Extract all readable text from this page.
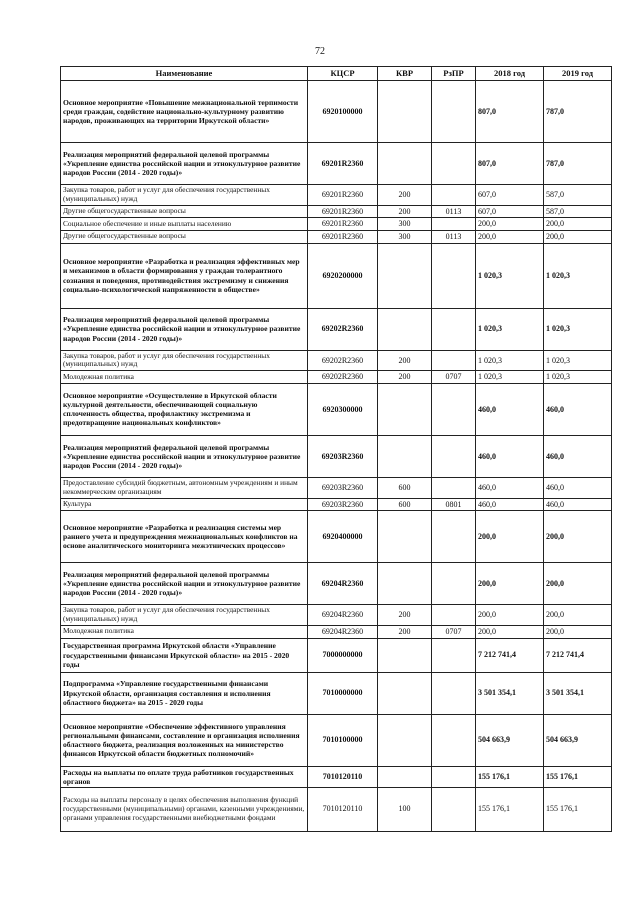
72
Наименование	КЦСР	КВР	РзПР	2018 год	2019 год
Основное мероприятие «Повышение межнациональной терпимости среди граждан, содействие национально-культурному развитию народов, проживающих на территории Иркутской области»	6920100000			807,0	787,0
Реализация мероприятий федеральной целевой программы «Укрепление единства российской нации и этнокультурное развитие народов России (2014 - 2020 годы)»	69201R2360			807,0	787,0
Закупка товаров, работ и услуг для обеспечения государственных (муниципальных) нужд	69201R2360	200		607,0	587,0
Другие общегосударственные вопросы	69201R2360	200	0113	607,0	587,0
Социальное обеспечение и иные выплаты населению	69201R2360	300		200,0	200,0
Другие общегосударственные вопросы	69201R2360	300	0113	200,0	200,0
Основное мероприятие «Разработка и реализация эффективных мер и механизмов в области формирования у граждан толерантного сознания и поведения, противодействия экстремизму и снижения социально-психологической напряженности в обществе»	6920200000			1 020,3	1 020,3
Реализация мероприятий федеральной целевой программы «Укрепление единства российской нации и этнокультурное развитие народов России (2014 - 2020 годы)»	69202R2360			1 020,3	1 020,3
Закупка товаров, работ и услуг для обеспечения государственных (муниципальных) нужд	69202R2360	200		1 020,3	1 020,3
Молодежная политика	69202R2360	200	0707	1 020,3	1 020,3
Основное мероприятие «Осуществление в Иркутской области культурной деятельности, обеспечивающей социальную сплоченность общества, профилактику экстремизма и предотвращение национальных конфликтов»	6920300000			460,0	460,0
Реализация мероприятий федеральной целевой программы «Укрепление единства российской нации и этнокультурное развитие народов России (2014 - 2020 годы)»	69203R2360			460,0	460,0
Предоставление субсидий бюджетным, автономным учреждениям и иным некоммерческим организациям	69203R2360	600		460,0	460,0
Культура	69203R2360	600	0801	460,0	460,0
Основное мероприятие «Разработка и реализация системы мер раннего учета и предупреждения межнациональных конфликтов на основе аналитического мониторинга межэтнических процессов»	6920400000			200,0	200,0
Реализация мероприятий федеральной целевой программы «Укрепление единства российской нации и этнокультурное развитие народов России (2014 - 2020 годы)»	69204R2360			200,0	200,0
Закупка товаров, работ и услуг для обеспечения государственных (муниципальных) нужд	69204R2360	200		200,0	200,0
Молодежная политика	69204R2360	200	0707	200,0	200,0
Государственная программа Иркутской области «Управление государственными финансами Иркутской области» на 2015 - 2020 годы	7000000000			7 212 741,4	7 212 741,4
Подпрограмма «Управление государственными финансами Иркутской области, организация составления и исполнения областного бюджета» на 2015 - 2020 годы	7010000000			3 501 354,1	3 501 354,1
Основное мероприятие «Обеспечение эффективного управления региональными финансами, составление и организация исполнения областного бюджета, реализация возложенных на министерство финансов Иркутской области бюджетных полномочий»	7010100000			504 663,9	504 663,9
Расходы на выплаты по оплате труда работников государственных органов	7010120110			155 176,1	155 176,1
Расходы на выплаты персоналу в целях обеспечения выполнения функций государственными (муниципальными) органами, казенными учреждениями, органами управления государственными внебюджетными фондами	7010120110	100		155 176,1	155 176,1
